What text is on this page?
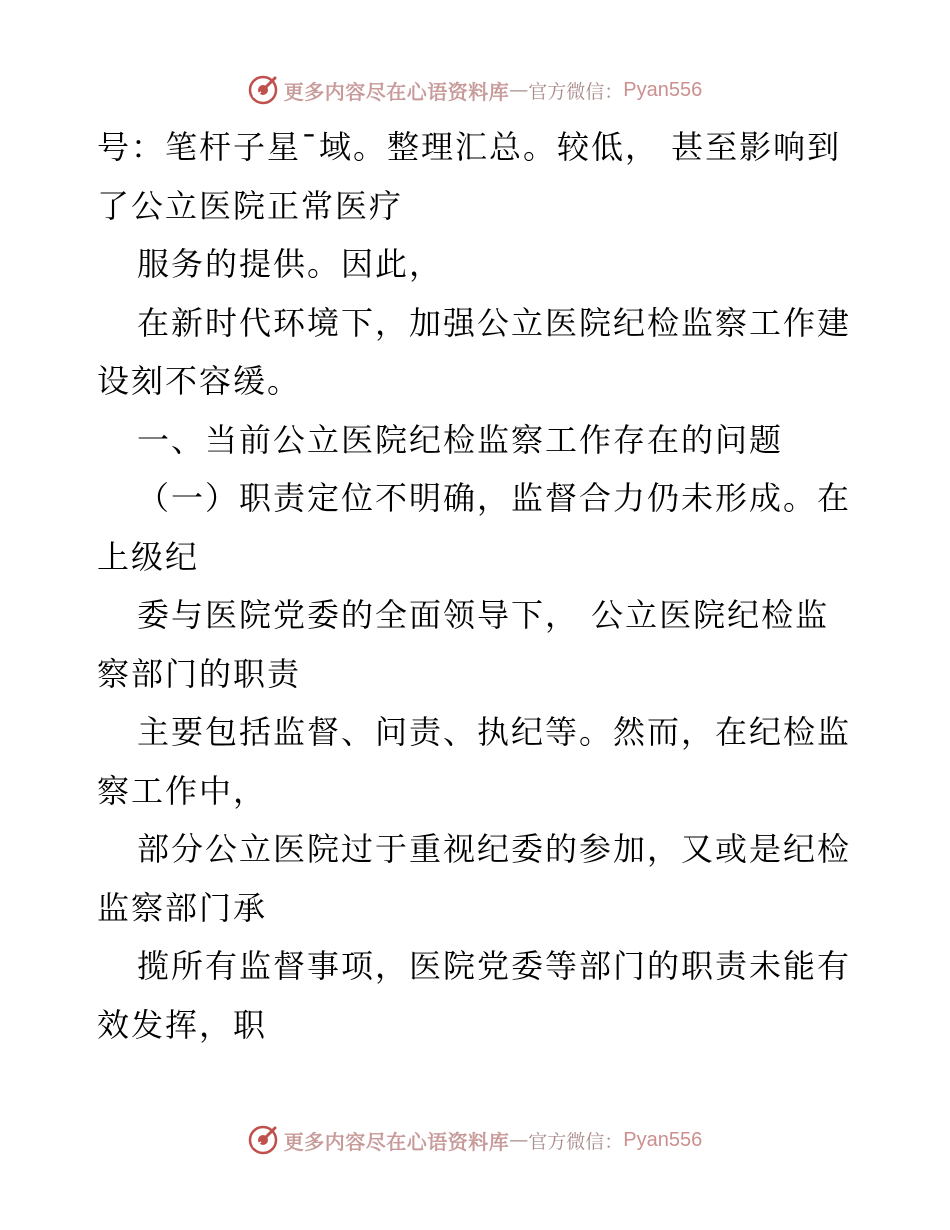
更多内容尽在心语资料库 — 官方微信： Pyan556
号：笔杆子星¯域。整理汇总。较低， 甚至影响到
了公立医院正常医疗
服务的提供。因此，
在新时代环境下，加强公立医院纪检监察工作建
设刻不容缓。
一、当前公立医院纪检监察工作存在的问题
（一）职责定位不明确，监督合力仍未形成。在
上级纪
委与医院党委的全面领导下， 公立医院纪检监
察部门的职责
主要包括监督、问责、执纪等。然而，在纪检监
察工作中，
部分公立医院过于重视纪委的参加，又或是纪检
监察部门承
揽所有监督事项，医院党委等部门的职责未能有
效发挥，职
更多内容尽在心语资料库 — 官方微信： Pyan556
